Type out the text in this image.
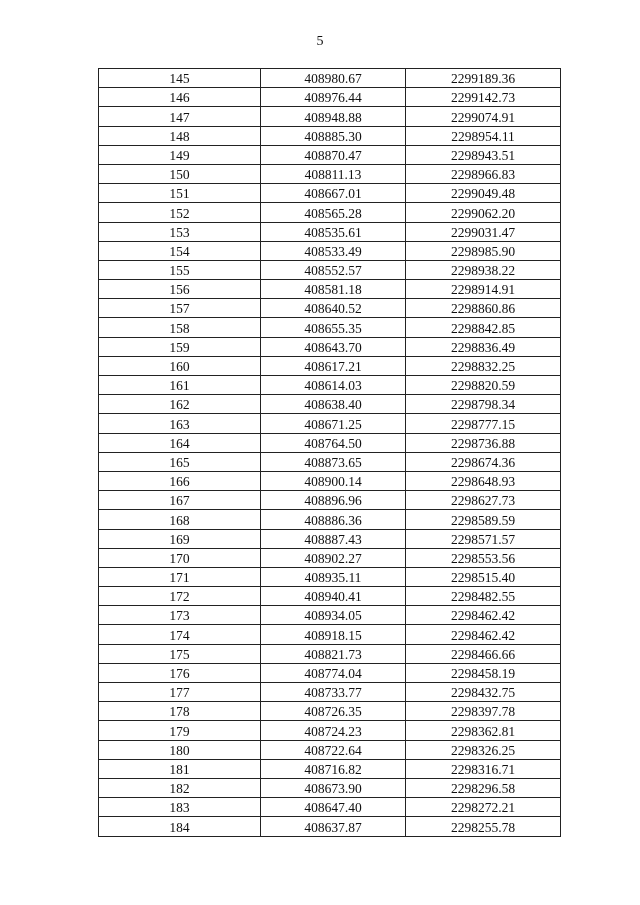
5
145	408980.67	2299189.36
146	408976.44	2299142.73
147	408948.88	2299074.91
148	408885.30	2298954.11
149	408870.47	2298943.51
150	408811.13	2298966.83
151	408667.01	2299049.48
152	408565.28	2299062.20
153	408535.61	2299031.47
154	408533.49	2298985.90
155	408552.57	2298938.22
156	408581.18	2298914.91
157	408640.52	2298860.86
158	408655.35	2298842.85
159	408643.70	2298836.49
160	408617.21	2298832.25
161	408614.03	2298820.59
162	408638.40	2298798.34
163	408671.25	2298777.15
164	408764.50	2298736.88
165	408873.65	2298674.36
166	408900.14	2298648.93
167	408896.96	2298627.73
168	408886.36	2298589.59
169	408887.43	2298571.57
170	408902.27	2298553.56
171	408935.11	2298515.40
172	408940.41	2298482.55
173	408934.05	2298462.42
174	408918.15	2298462.42
175	408821.73	2298466.66
176	408774.04	2298458.19
177	408733.77	2298432.75
178	408726.35	2298397.78
179	408724.23	2298362.81
180	408722.64	2298326.25
181	408716.82	2298316.71
182	408673.90	2298296.58
183	408647.40	2298272.21
184	408637.87	2298255.78
